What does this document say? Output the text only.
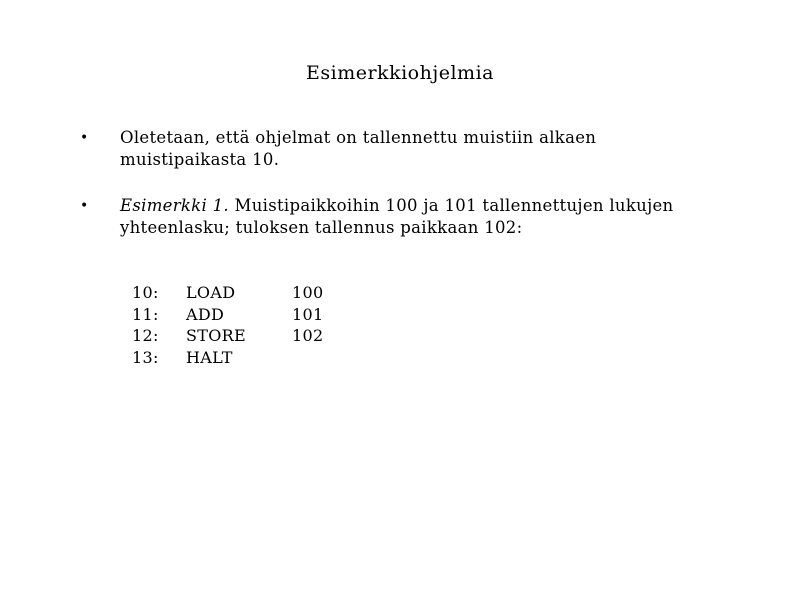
Esimerkkiohjelmia
• Oletetaan, että ohjelmat on tallennettu muistiin alkaen muistipaikasta 10.
• Esimerkki 1. Muistipaikkoihin 100 ja 101 tallennettujen lukujen yhteenlasku; tuloksen tallennus paikkaan 102:
10:	LOAD	100
11:	ADD	101
12:	STORE	102
13:	HALT	
